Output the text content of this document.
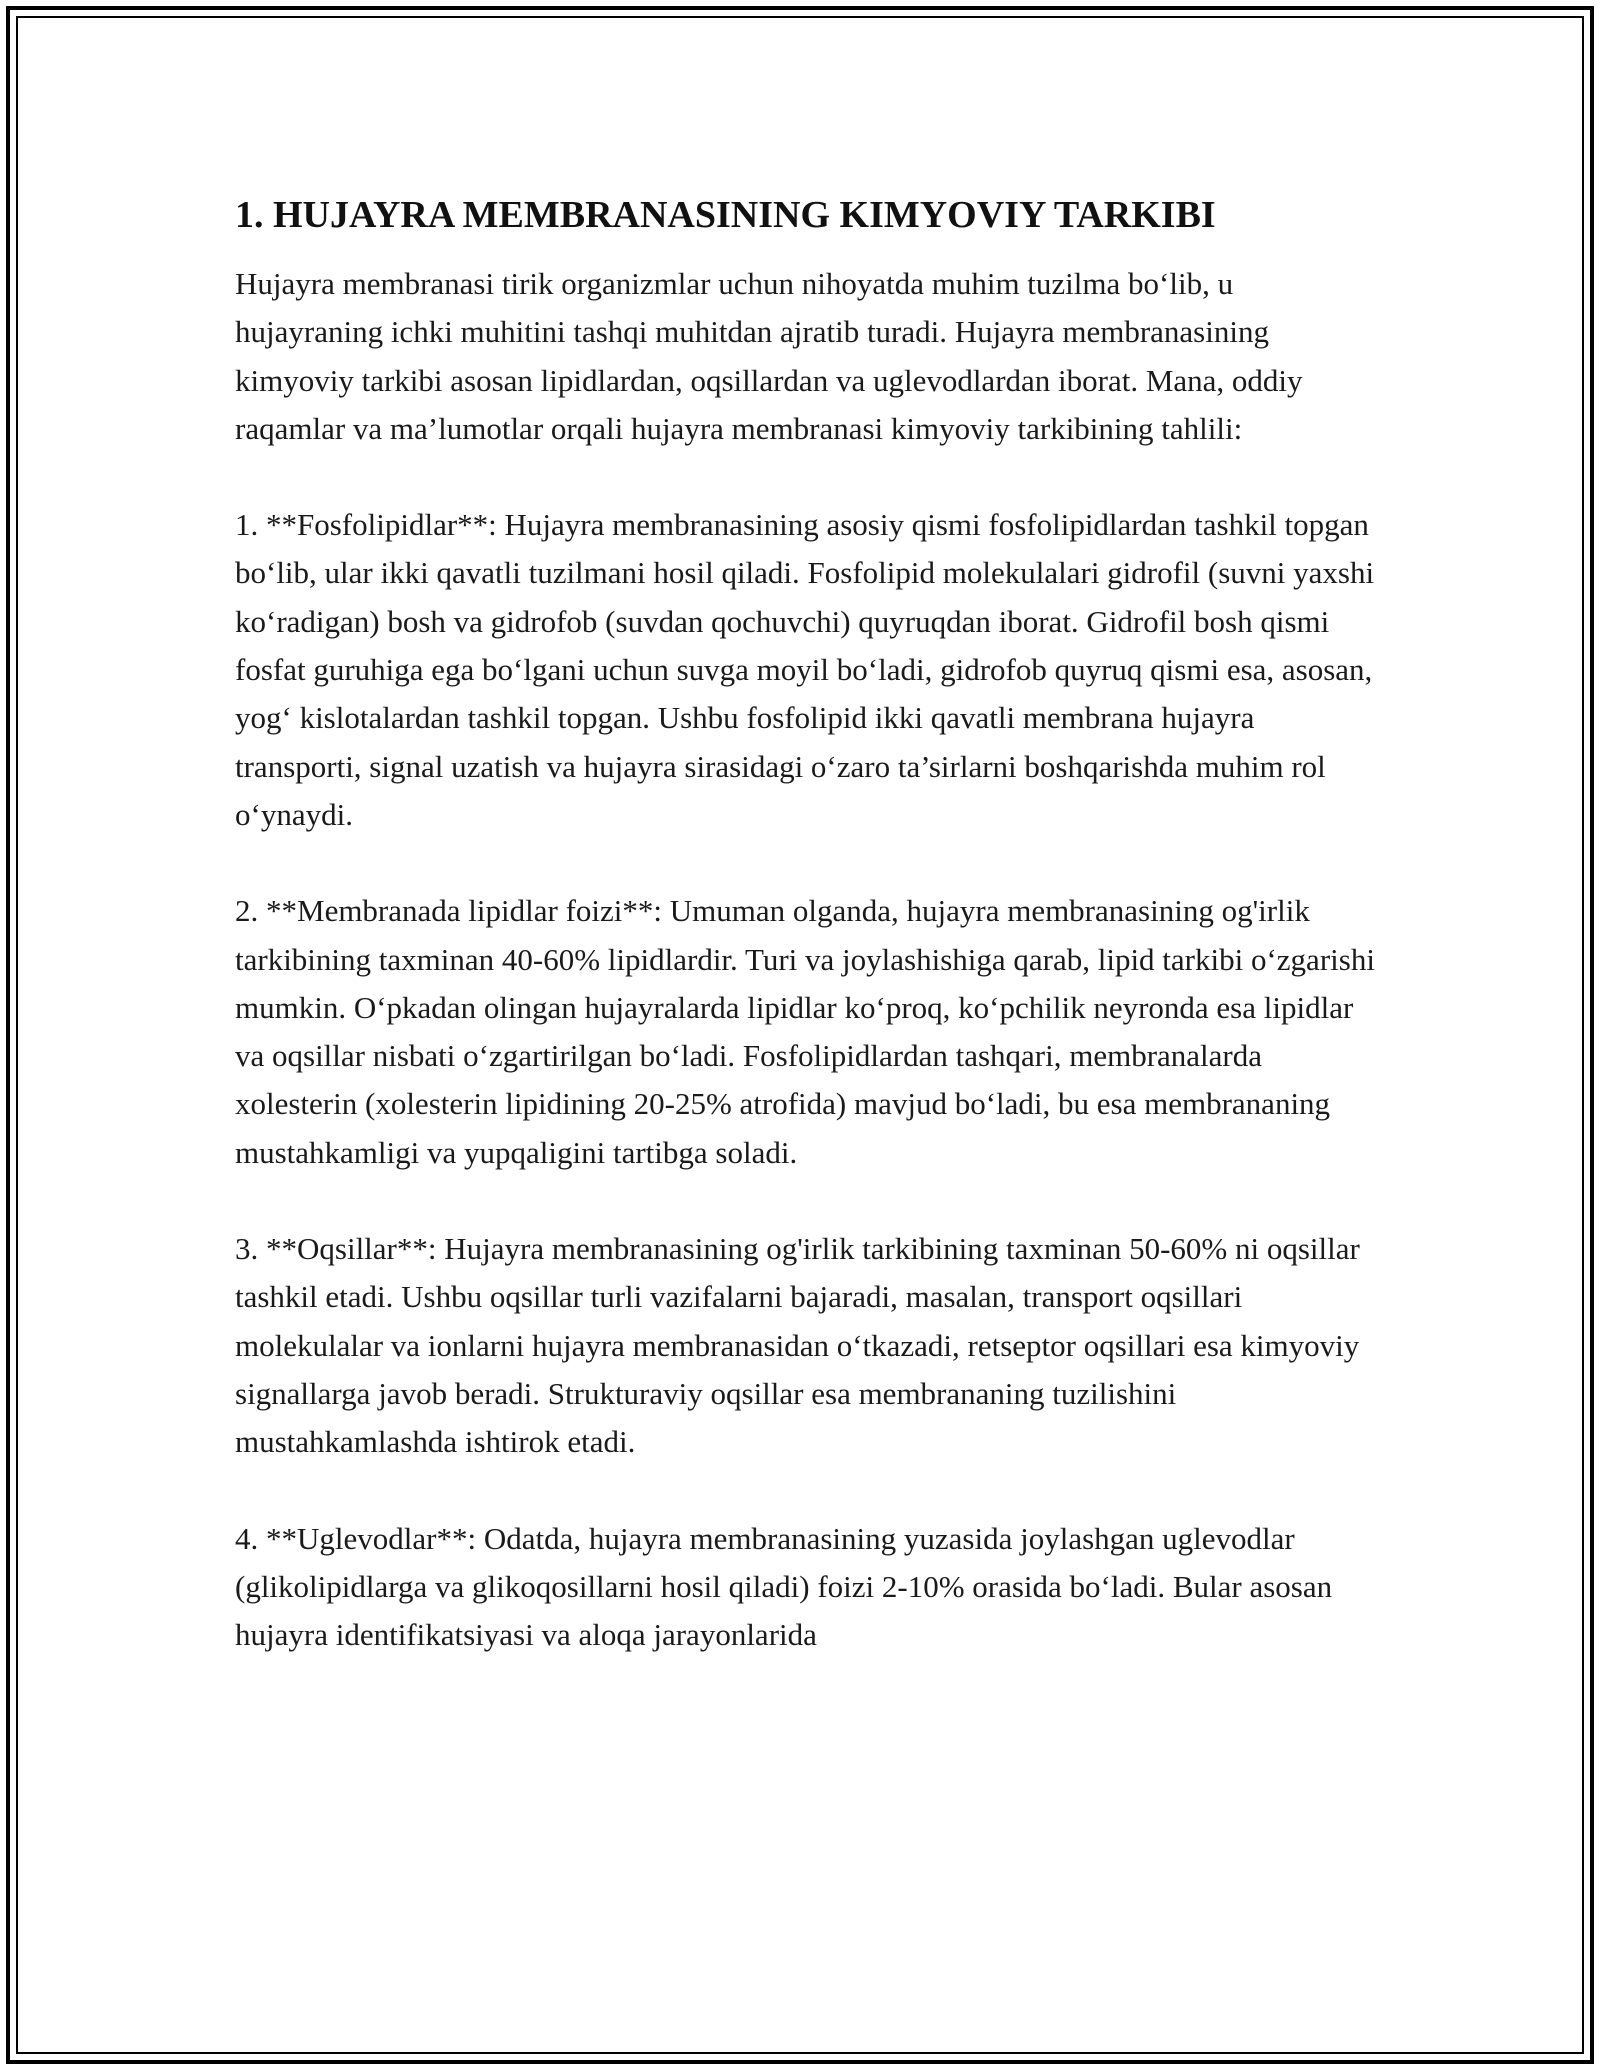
1. HUJAYRA MEMBRANASINING KIMYOVIY TARKIBI

Hujayra membranasi tirik organizmlar uchun nihoyatda muhim tuzilma bo‘lib, u hujayraning ichki muhitini tashqi muhitdan ajratib turadi. Hujayra membranasining kimyoviy tarkibi asosan lipidlardan, oqsillardan va uglevodlardan iborat. Mana, oddiy raqamlar va ma’lumotlar orqali hujayra membranasi kimyoviy tarkibining tahlili:

1. **Fosfolipidlar**: Hujayra membranasining asosiy qismi fosfolipidlardan tashkil topgan bo‘lib, ular ikki qavatli tuzilmani hosil qiladi. Fosfolipid molekulalari gidrofil (suvni yaxshi ko‘radigan) bosh va gidrofob (suvdan qochuvchi) quyruqdan iborat. Gidrofil bosh qismi fosfat guruhiga ega bo‘lgani uchun suvga moyil bo‘ladi, gidrofob quyruq qismi esa, asosan, yog‘ kislotalardan tashkil topgan. Ushbu fosfolipid ikki qavatli membrana hujayra transporti, signal uzatish va hujayra sirasidagi o‘zaro ta’sirlarni boshqarishda muhim rol o‘ynaydi.

2. **Membranada lipidlar foizi**: Umuman olganda, hujayra membranasining og'irlik tarkibining taxminan 40-60% lipidlardir. Turi va joylashishiga qarab, lipid tarkibi o‘zgarishi mumkin. O‘pkadan olingan hujayralarda lipidlar ko‘proq, ko‘pchilik neyronda esa lipidlar va oqsillar nisbati o‘zgartirilgan bo‘ladi. Fosfolipidlardan tashqari, membranalarda xolesterin (xolesterin lipidining 20-25% atrofida) mavjud bo‘ladi, bu esa membrananing mustahkamligi va yupqaligini tartibga soladi.

3. **Oqsillar**: Hujayra membranasining og'irlik tarkibining taxminan 50-60% ni oqsillar tashkil etadi. Ushbu oqsillar turli vazifalarni bajaradi, masalan, transport oqsillari molekulalar va ionlarni hujayra membranasidan o‘tkazadi, retseptor oqsillari esa kimyoviy signallarga javob beradi. Strukturaviy oqsillar esa membrananing tuzilishini mustahkamlashda ishtirok etadi.

4. **Uglevodlar**: Odatda, hujayra membranasining yuzasida joylashgan uglevodlar (glikolipidlarga va glikoqosillarni hosil qiladi) foizi 2-10% orasida bo‘ladi. Bular asosan hujayra identifikatsiyasi va aloqa jarayonlarida
